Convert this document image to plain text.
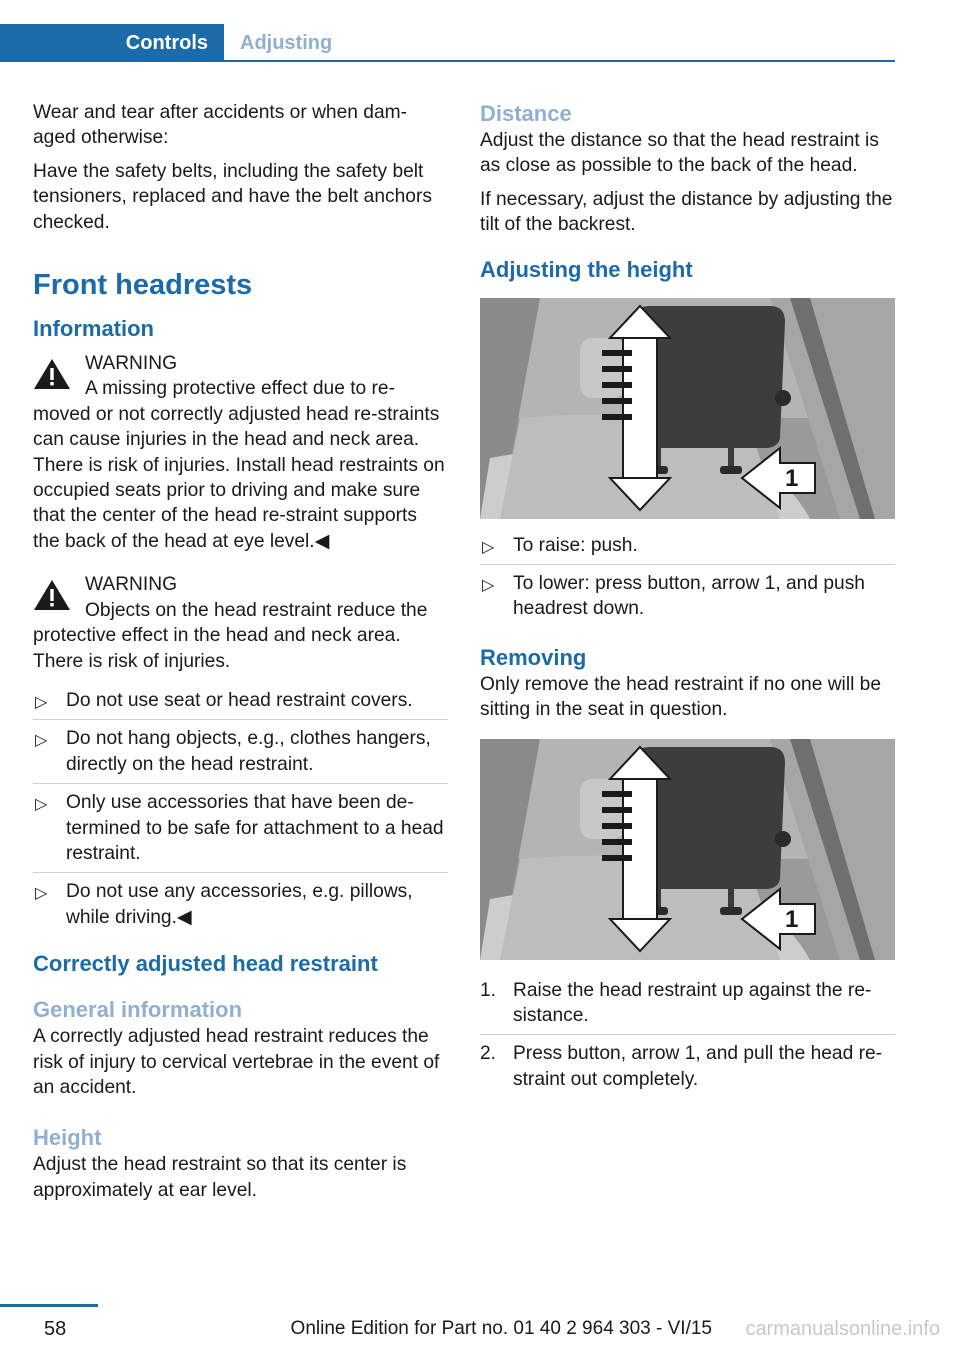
Controls Adjusting

Wear and tear after accidents or when dam‐aged otherwise:

Have the safety belts, including the safety belt tensioners, replaced and have the belt anchors checked.

Front headrests
Information

WARNING

A missing protective effect due to re‐

moved or not correctly adjusted head re‐straints can cause injuries in the head and neck area. There is risk of injuries. Install head restraints on occupied seats prior to driving and make sure that the center of the head re‐straint supports the back of the head at eye level.◀

WARNING

Objects on the head restraint reduce the

protective effect in the head and neck area. There is risk of injuries.

▷ Do not use seat or head restraint covers.
▷ Do not hang objects, e.g., clothes hangers, directly on the head restraint.
▷ Only use accessories that have been de‐termined to be safe for attachment to a head restraint.
▷ Do not use any accessories, e.g. pillows, while driving.◀
Correctly adjusted head restraint
General information

A correctly adjusted head restraint reduces the risk of injury to cervical vertebrae in the event of an accident.

Height

Adjust the head restraint so that its center is approximately at ear level.

Distance

Adjust the distance so that the head restraint is as close as possible to the back of the head.

If necessary, adjust the distance by adjusting the tilt of the backrest.

Adjusting the height
1
▷ To raise: push.
▷ To lower: press button, arrow 1, and push headrest down.
Removing

Only remove the head restraint if no one will be sitting in the seat in question.

1
1. Raise the head restraint up against the re‐sistance.
2. Press button, arrow 1, and pull the head re‐straint out completely.
58	Online Edition for Part no. 01 40 2 964 303 - VI/15 carmanualsonline.info
